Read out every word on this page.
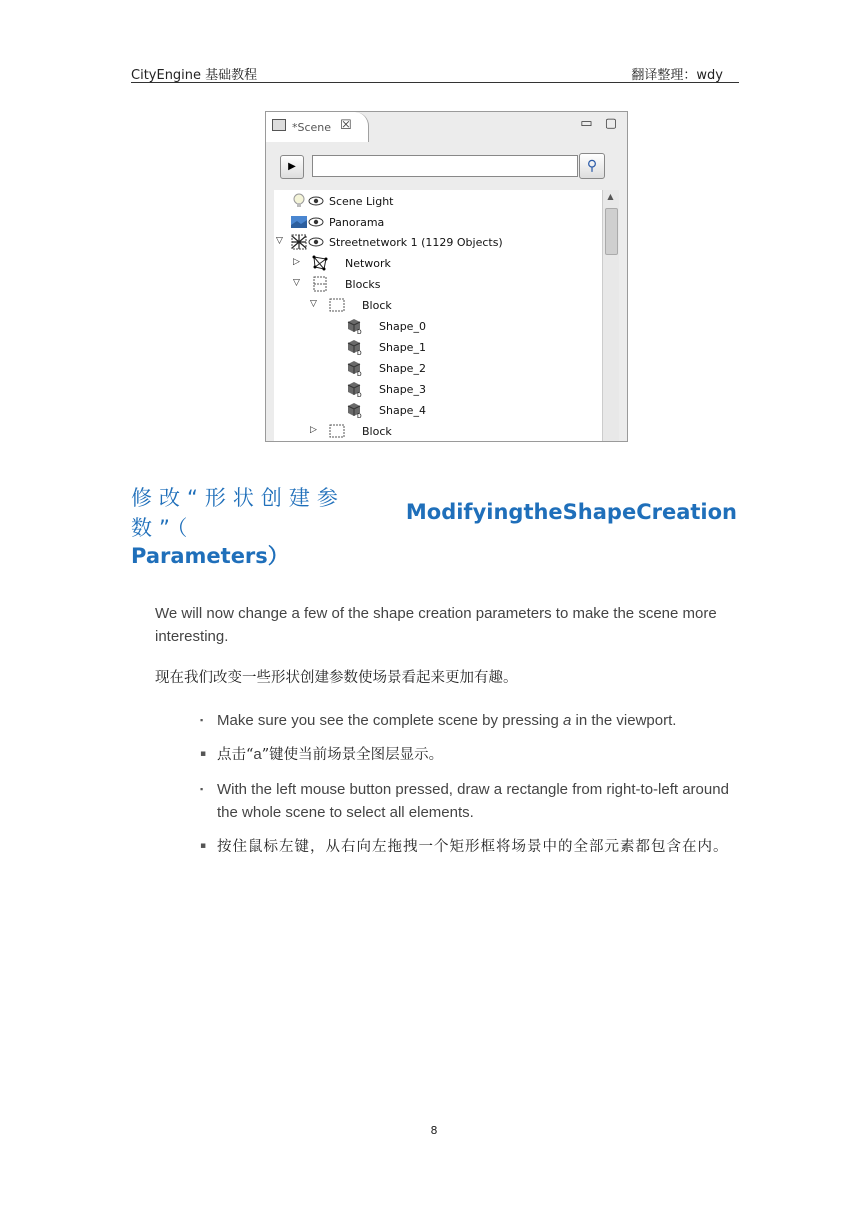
CityEngine 基础教程	翻译整理：wdy
*Scene ☒	▭ ▢
▶	⚲
Scene Light
Panorama
▽	Streetnetwork 1 (1129 Objects)
▷	Network
▽	Blocks
▽	Block
D Shape_0
D Shape_1
D Shape_2
D Shape_3
D Shape_4
▷	Block
▲
修改“形状创建参数”（
Modifying the Shape Creation
Parameters）
We will now change a few of the shape creation parameters to make the scene more interesting.
现在我们改变一些形状创建参数使场景看起来更加有趣。
▪ Make sure you see the complete scene by pressing a in the viewport.
▪ 点击“a”键使当前场景全图层显示。
▪ With the left mouse button pressed, draw a rectangle from right-to-left around the whole scene to select all elements.
▪ 按住鼠标左键，从右向左拖拽一个矩形框将场景中的全部元素都包含在内。
8
